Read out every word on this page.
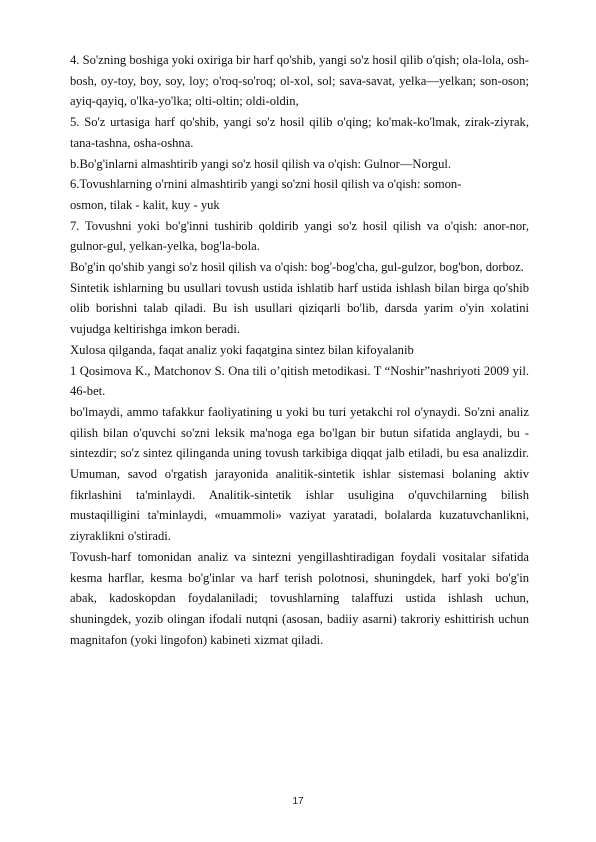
4. So'zning boshiga yoki oxiriga bir harf qo'shib, yangi so'z hosil qilib o'qish; ola-lola, osh-bosh, oy-toy, boy, soy, loy; o'roq-so'roq; ol-xol, sol; sava-savat, yelka—yelkan; son-oson; ayiq-qayiq, o'lka-yo'lka; olti-oltin; oldi-oldin,

5. So'z urtasiga harf qo'shib, yangi so'z hosil qilib o'qing; ko'mak-ko'lmak, zirak-ziyrak, tana-tashna, osha-oshna.

b.Bo'g'inlarni almashtirib yangi so'z hosil qilish va o'qish: Gulnor—Norgul.

6.Tovushlarning o'rnini almashtirib yangi so'zni hosil qilish va o'qish: somon-

osmon, tilak - kalit, kuy - yuk

7. Tovushni yoki bo'g'inni tushirib qoldirib yangi so'z hosil qilish va o'qish: anor-nor, gulnor-gul, yelkan-yelka, bog'la-bola.

Bo'g'in qo'shib yangi so'z hosil qilish va o'qish: bog'-bog'cha, gul-gulzor, bog'bon, dorboz.

Sintetik ishlarning bu usullari tovush ustida ishlatib harf ustida ishlash bilan birga qo'shib olib borishni talab qiladi. Bu ish usullari qiziqarli bo'lib, darsda yarim o'yin xolatini vujudga keltirishga imkon beradi.

Xulosa qilganda, faqat analiz yoki faqatgina sintez bilan kifoyalanib

1 Qosimova K., Matchonov S. Ona tili o’qitish metodikasi. T “Noshir”nashriyoti 2009 yil. 46-bet.

bo'lmaydi, ammo tafakkur faoliyatining u yoki bu turi yetakchi rol o'ynaydi. So'zni analiz qilish bilan o'quvchi so'zni leksik ma'noga ega bo'lgan bir butun sifatida anglaydi, bu - sintezdir; so'z sintez qilinganda uning tovush tarkibiga diqqat jalb etiladi, bu esa analizdir. Umuman, savod o'rgatish jarayonida analitik-sintetik ishlar sistemasi bolaning aktiv fikrlashini ta'minlaydi. Analitik-sintetik ishlar usuligina o'quvchilarning bilish mustaqilligini ta'minlaydi, «muammoli» vaziyat yaratadi, bolalarda kuzatuvchanlikni, ziyraklikni o'stiradi.

Tovush-harf tomonidan analiz va sintezni yengillashtiradigan foydali vositalar sifatida kesma harflar, kesma bo'g'inlar va harf terish polotnosi, shuningdek, harf yoki bo'g'in abak, kadoskopdan foydalaniladi; tovushlarning talaffuzi ustida ishlash uchun, shuningdek, yozib olingan ifodali nutqni (asosan, badiiy asarni) takroriy eshittirish uchun magnitafon (yoki lingofon) kabineti xizmat qiladi.

17
